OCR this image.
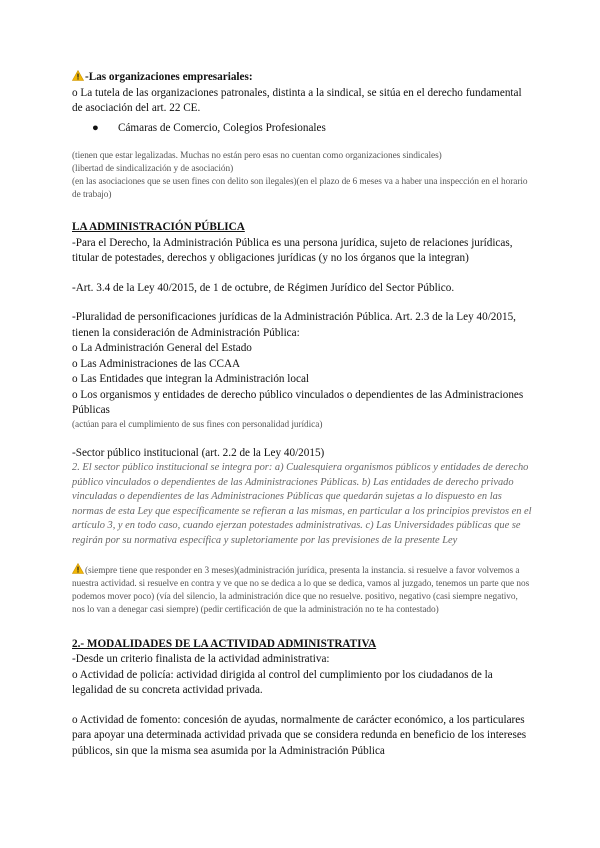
-Las organizaciones empresariales:

o La tutela de las organizaciones patronales, distinta a la sindical, se sitúa en el derecho fundamental de asociación del art. 22 CE.

● Cámaras de Comercio, Colegios Profesionales

(tienen que estar legalizadas. Muchas no están pero esas no cuentan como organizaciones sindicales)

(libertad de sindicalización y de asociación)

(en las asociaciones que se usen fines con delito son ilegales)(en el plazo de 6 meses va a haber una inspección en el horario de trabajo)

LA ADMINISTRACIÓN PÚBLICA

-Para el Derecho, la Administración Pública es una persona jurídica, sujeto de relaciones jurídicas, titular de potestades, derechos y obligaciones jurídicas (y no los órganos que la integran)

-Art. 3.4 de la Ley 40/2015, de 1 de octubre, de Régimen Jurídico del Sector Público.

-Pluralidad de personificaciones jurídicas de la Administración Pública. Art. 2.3 de la Ley 40/2015, tienen la consideración de Administración Pública:

o La Administración General del Estado

o Las Administraciones de las CCAA

o Las Entidades que integran la Administración local

o Los organismos y entidades de derecho público vinculados o dependientes de las Administraciones Públicas

(actúan para el cumplimiento de sus fines con personalidad jurídica)

-Sector público institucional (art. 2.2 de la Ley 40/2015)

2. El sector público institucional se integra por: a) Cualesquiera organismos públicos y entidades de derecho público vinculados o dependientes de las Administraciones Públicas. b) Las entidades de derecho privado vinculadas o dependientes de las Administraciones Públicas que quedarán sujetas a lo dispuesto en las normas de esta Ley que específicamente se refieran a las mismas, en particular a los principios previstos en el artículo 3, y en todo caso, cuando ejerzan potestades administrativas. c) Las Universidades públicas que se regirán por su normativa específica y supletoriamente por las previsiones de la presente Ley

(siempre tiene que responder en 3 meses)(administración jurídica, presenta la instancia. si resuelve a favor volvemos a nuestra actividad. si resuelve en contra y ve que no se dedica a lo que se dedica, vamos al juzgado, tenemos un parte que nos podemos mover poco) (vía del silencio, la administración dice que no resuelve. positivo, negativo (casi siempre negativo, nos lo van a denegar casi siempre) (pedir certificación de que la administración no te ha contestado)

2.- MODALIDADES DE LA ACTIVIDAD ADMINISTRATIVA

-Desde un criterio finalista de la actividad administrativa:

o Actividad de policía: actividad dirigida al control del cumplimiento por los ciudadanos de la legalidad de su concreta actividad privada.

o Actividad de fomento: concesión de ayudas, normalmente de carácter económico, a los particulares para apoyar una determinada actividad privada que se considera redunda en beneficio de los intereses públicos, sin que la misma sea asumida por la Administración Pública
